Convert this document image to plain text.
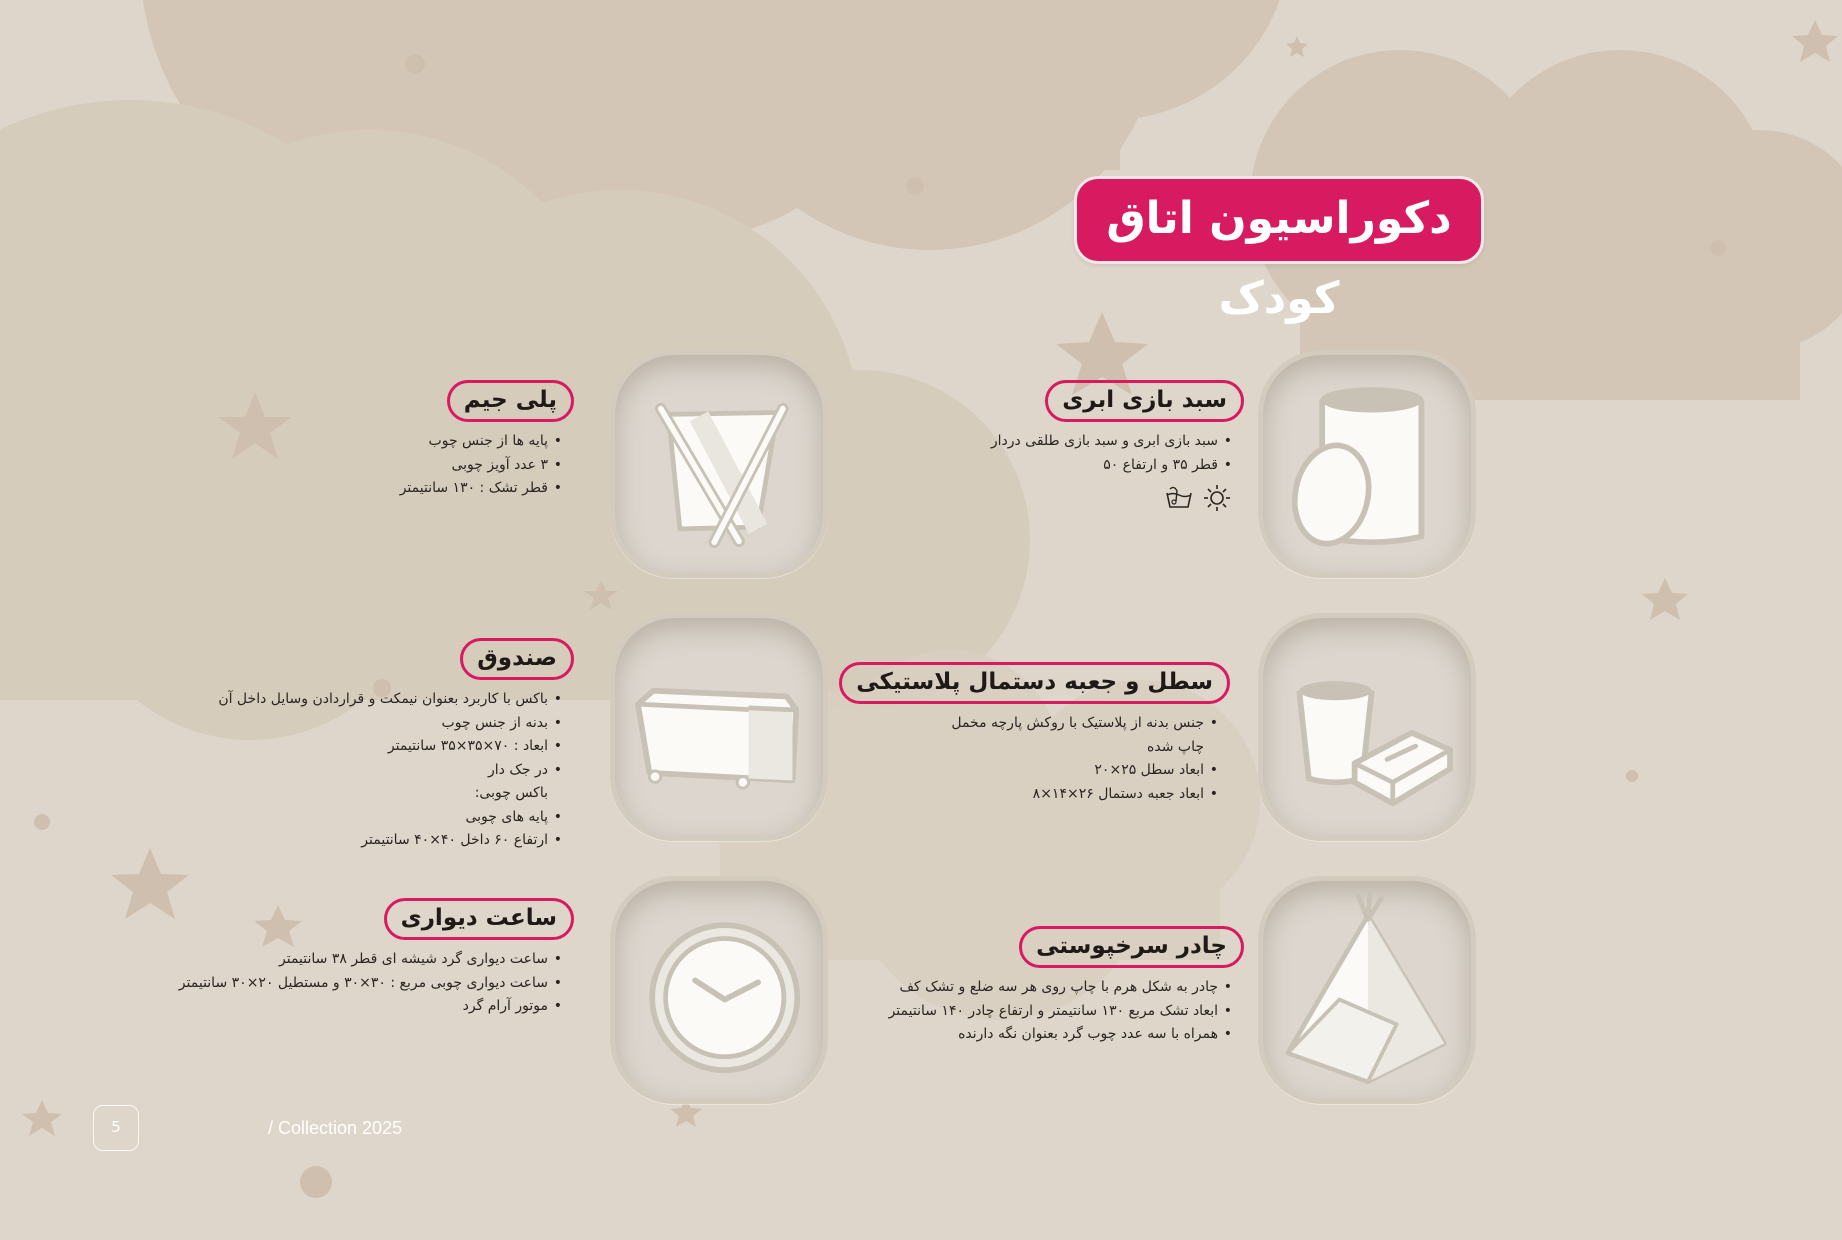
دکوراسیون اتاق کودک
سبد بازی ابری
• سبد بازی ابری و سبد بازی طلقی دردار
• قطر ۳۵ و ارتفاع ۵۰
پلی جیم
• پایه ها از جنس چوب
• ۳ عدد آویز چوبی
• قطر تشک : ۱۳۰ سانتیمتر
سطل و جعبه دستمال پلاستیکی
• جنس بدنه از پلاستیک با روکش پارچه مخمل چاپ شده
• ابعاد سطل ۲۵×۲۰
• ابعاد جعبه دستمال ۲۶×۱۴×۸
صندوق
• باکس با کاربرد بعنوان نیمکت و قراردادن وسایل داخل آن
• بدنه از جنس چوب
• ابعاد : ۷۰×۳۵×۳۵ سانتیمتر
• در جک دار
باکس چوبی:
• پایه های چوبی
• ارتفاع ۶۰ داخل ۴۰×۴۰ سانتیمتر
چادر سرخپوستی
• چادر به شکل هرم با چاپ روی هر سه ضلع و تشک کف
• ابعاد تشک مربع ۱۳۰ سانتیمتر و ارتفاع چادر ۱۴۰ سانتیمتر
• همراه با سه عدد چوب گرد بعنوان نگه دارنده
ساعت دیواری
• ساعت دیواری گرد شیشه ای قطر ۳۸ سانتیمتر
• ساعت دیواری چوبی مربع : ۳۰×۳۰ و مستطیل ۲۰×۳۰ سانتیمتر
• موتور آرام گرد
5	/ Collection 2025
